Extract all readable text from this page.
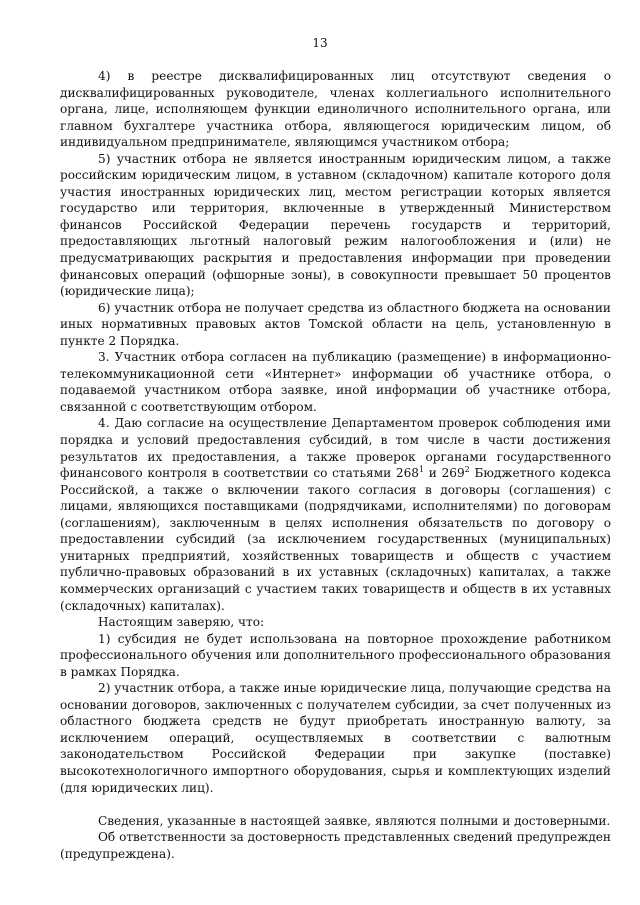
13

4) в реестре дисквалифицированных лиц отсутствуют сведения о дисквалифицированных руководителе, членах коллегиального исполнительного органа, лице, исполняющем функции единоличного исполнительного органа, или главном бухгалтере участника отбора, являющегося юридическим лицом, об индивидуальном предпринимателе, являющимся участником отбора;

5) участник отбора не является иностранным юридическим лицом, а также российским юридическим лицом, в уставном (складочном) капитале которого доля участия иностранных юридических лиц, местом регистрации которых является государство или территория, включенные в утвержденный Министерством финансов Российской Федерации перечень государств и территорий, предоставляющих льготный налоговый режим налогообложения и (или) не предусматривающих раскрытия и предоставления информации при проведении финансовых операций (офшорные зоны), в совокупности превышает 50 процентов (юридические лица);

6) участник отбора не получает средства из областного бюджета на основании иных нормативных правовых актов Томской области на цель, установленную в пункте 2 Порядка.

3. Участник отбора согласен на публикацию (размещение) в информационно-телекоммуникационной сети «Интернет» информации об участнике отбора, о подаваемой участником отбора заявке, иной информации об участнике отбора, связанной с соответствующим отбором.

4. Даю согласие на осуществление Департаментом проверок соблюдения ими порядка и условий предоставления субсидий, в том числе в части достижения результатов их предоставления, а также проверок органами государственного финансового контроля в соответствии со статьями $268^1$ и $269^2$ Бюджетного кодекса Российской, а также о включении такого согласия в договоры (соглашения) с лицами, являющихся поставщиками (подрядчиками, исполнителями) по договорам (соглашениям), заключенным в целях исполнения обязательств по договору о предоставлении субсидий (за исключением государственных (муниципальных) унитарных предприятий, хозяйственных товариществ и обществ с участием публично-правовых образований в их уставных (складочных) капиталах, а также коммерческих организаций с участием таких товариществ и обществ в их уставных (складочных) капиталах).

Настоящим заверяю, что:

1) субсидия не будет использована на повторное прохождение работником профессионального обучения или дополнительного профессионального образования в рамках Порядка.

2) участник отбора, а также иные юридические лица, получающие средства на основании договоров, заключенных с получателем субсидии, за счет полученных из областного бюджета средств не будут приобретать иностранную валюту, за исключением операций, осуществляемых в соответствии с валютным законодательством Российской Федерации при закупке (поставке) высокотехнологичного импортного оборудования, сырья и комплектующих изделий (для юридических лиц).

Сведения, указанные в настоящей заявке, являются полными и достоверными.

Об ответственности за достоверность представленных сведений предупрежден (предупреждена).
